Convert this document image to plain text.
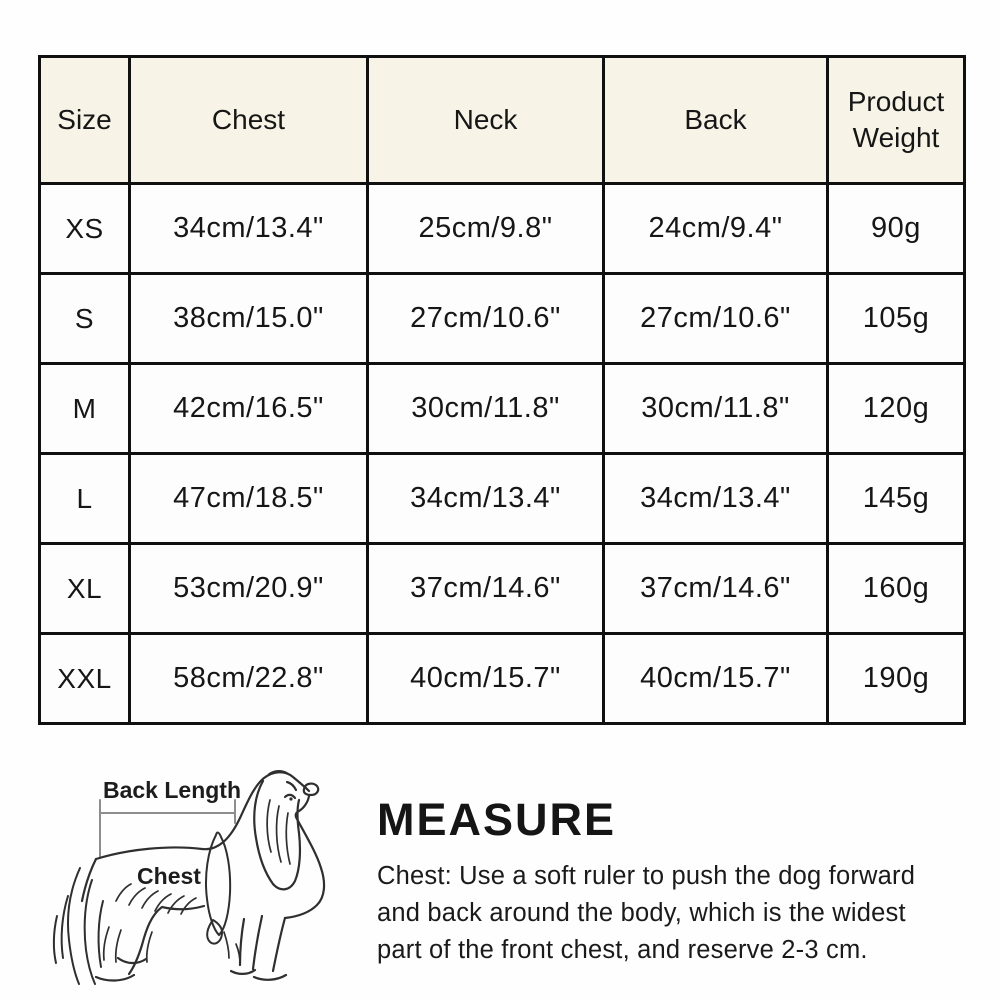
Size	Chest	Neck	Back	Product Weight
XS	34cm/13.4"	25cm/9.8"	24cm/9.4"	90g
S	38cm/15.0"	27cm/10.6"	27cm/10.6"	105g
M	42cm/16.5"	30cm/11.8"	30cm/11.8"	120g
L	47cm/18.5"	34cm/13.4"	34cm/13.4"	145g
XL	53cm/20.9"	37cm/14.6"	37cm/14.6"	160g
XXL	58cm/22.8"	40cm/15.7"	40cm/15.7"	190g
Back Length
Chest
MEASURE

Chest: Use a soft ruler to push the dog forward

and back around the body, which is the widest

part of the front chest, and reserve 2-3 cm.
